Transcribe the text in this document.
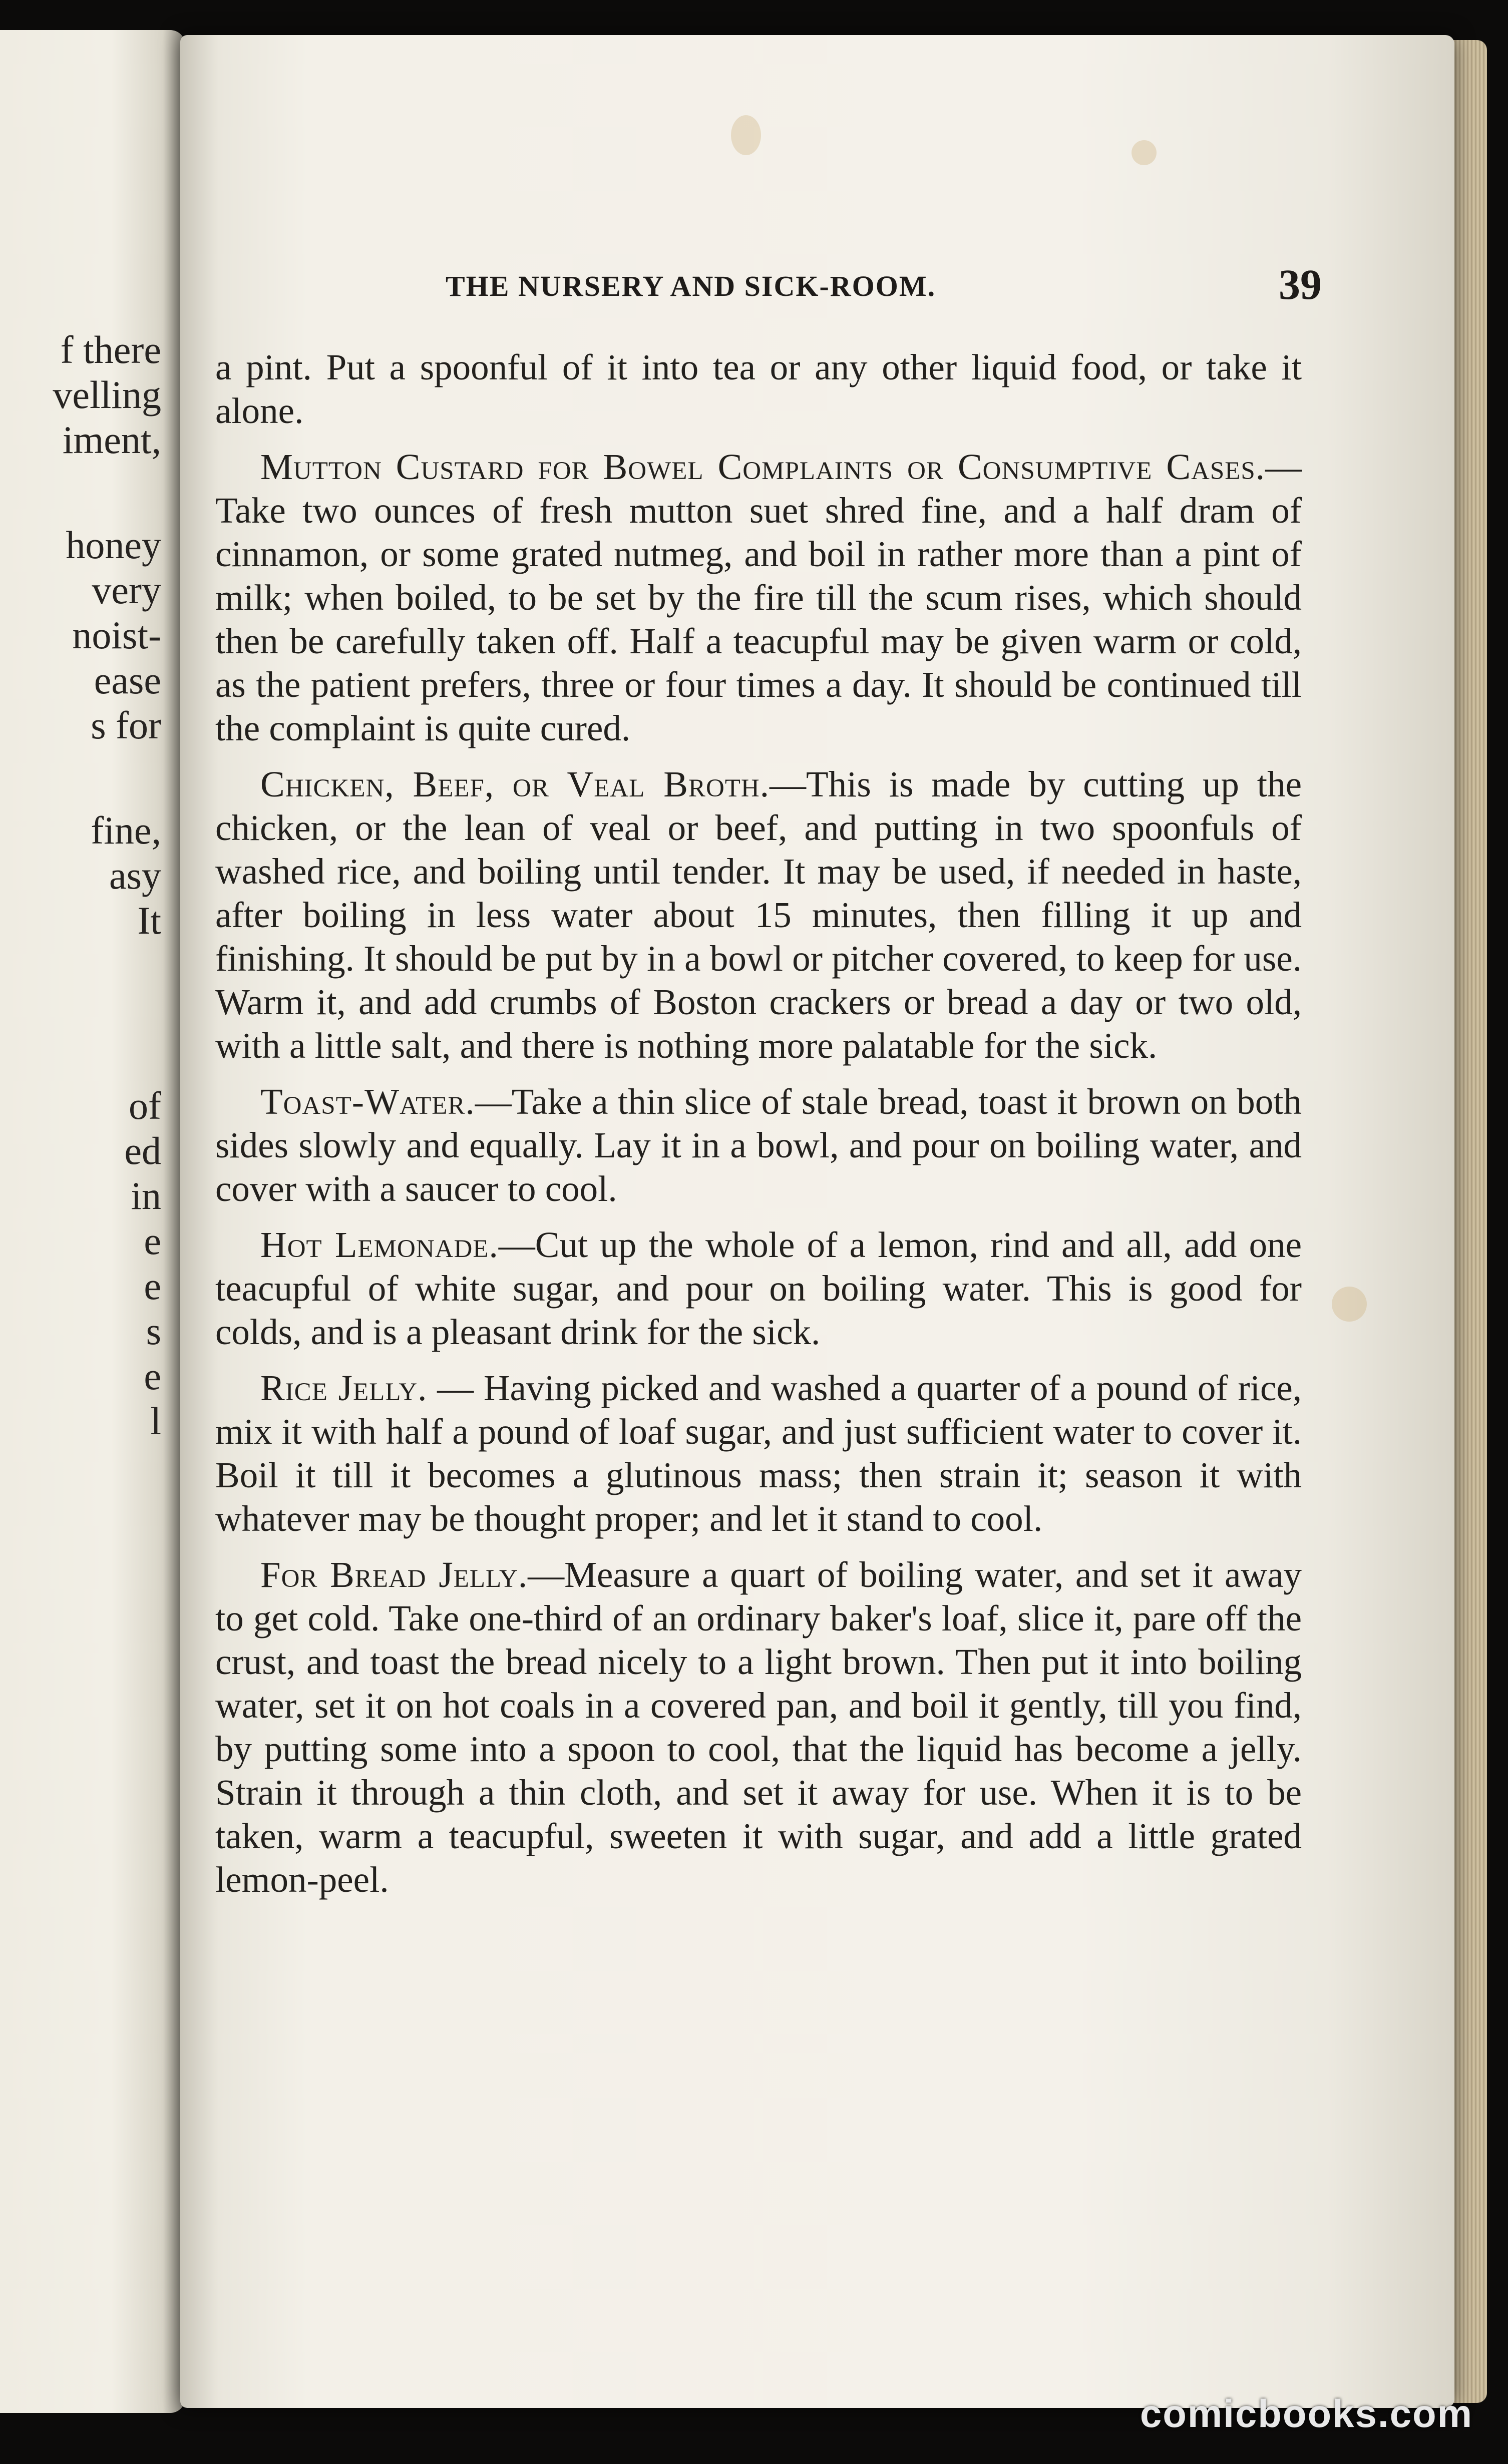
f there
velling
iment,
honey
very
noist-
ease
s for
fine,
asy
It
of
ed
in
e
e
s
e
l
THE NURSERY AND SICK-ROOM.	39

a pint. Put a spoonful of it into tea or any other liquid food, or take it alone.

Mutton Custard for Bowel Complaints or Consumptive Cases.—Take two ounces of fresh mutton suet shred fine, and a half dram of cinnamon, or some grated nutmeg, and boil in rather more than a pint of milk; when boiled, to be set by the fire till the scum rises, which should then be carefully taken off. Half a teacupful may be given warm or cold, as the patient prefers, three or four times a day. It should be continued till the complaint is quite cured.

Chicken, Beef, or Veal Broth.—This is made by cutting up the chicken, or the lean of veal or beef, and putting in two spoonfuls of washed rice, and boiling until tender. It may be used, if needed in haste, after boiling in less water about 15 minutes, then filling it up and finishing. It should be put by in a bowl or pitcher covered, to keep for use. Warm it, and add crumbs of Boston crackers or bread a day or two old, with a little salt, and there is nothing more palatable for the sick.

Toast-Water.—Take a thin slice of stale bread, toast it brown on both sides slowly and equally. Lay it in a bowl, and pour on boiling water, and cover with a saucer to cool.

Hot Lemonade.—Cut up the whole of a lemon, rind and all, add one teacupful of white sugar, and pour on boiling water. This is good for colds, and is a pleasant drink for the sick.

Rice Jelly. — Having picked and washed a quarter of a pound of rice, mix it with half a pound of loaf sugar, and just sufficient water to cover it. Boil it till it becomes a glutinous mass; then strain it; season it with whatever may be thought proper; and let it stand to cool.

For Bread Jelly.—Measure a quart of boiling water, and set it away to get cold. Take one-third of an ordinary baker's loaf, slice it, pare off the crust, and toast the bread nicely to a light brown. Then put it into boiling water, set it on hot coals in a covered pan, and boil it gently, till you find, by putting some into a spoon to cool, that the liquid has become a jelly. Strain it through a thin cloth, and set it away for use. When it is to be taken, warm a teacupful, sweeten it with sugar, and add a little grated lemon-peel.

comicbooks.com
